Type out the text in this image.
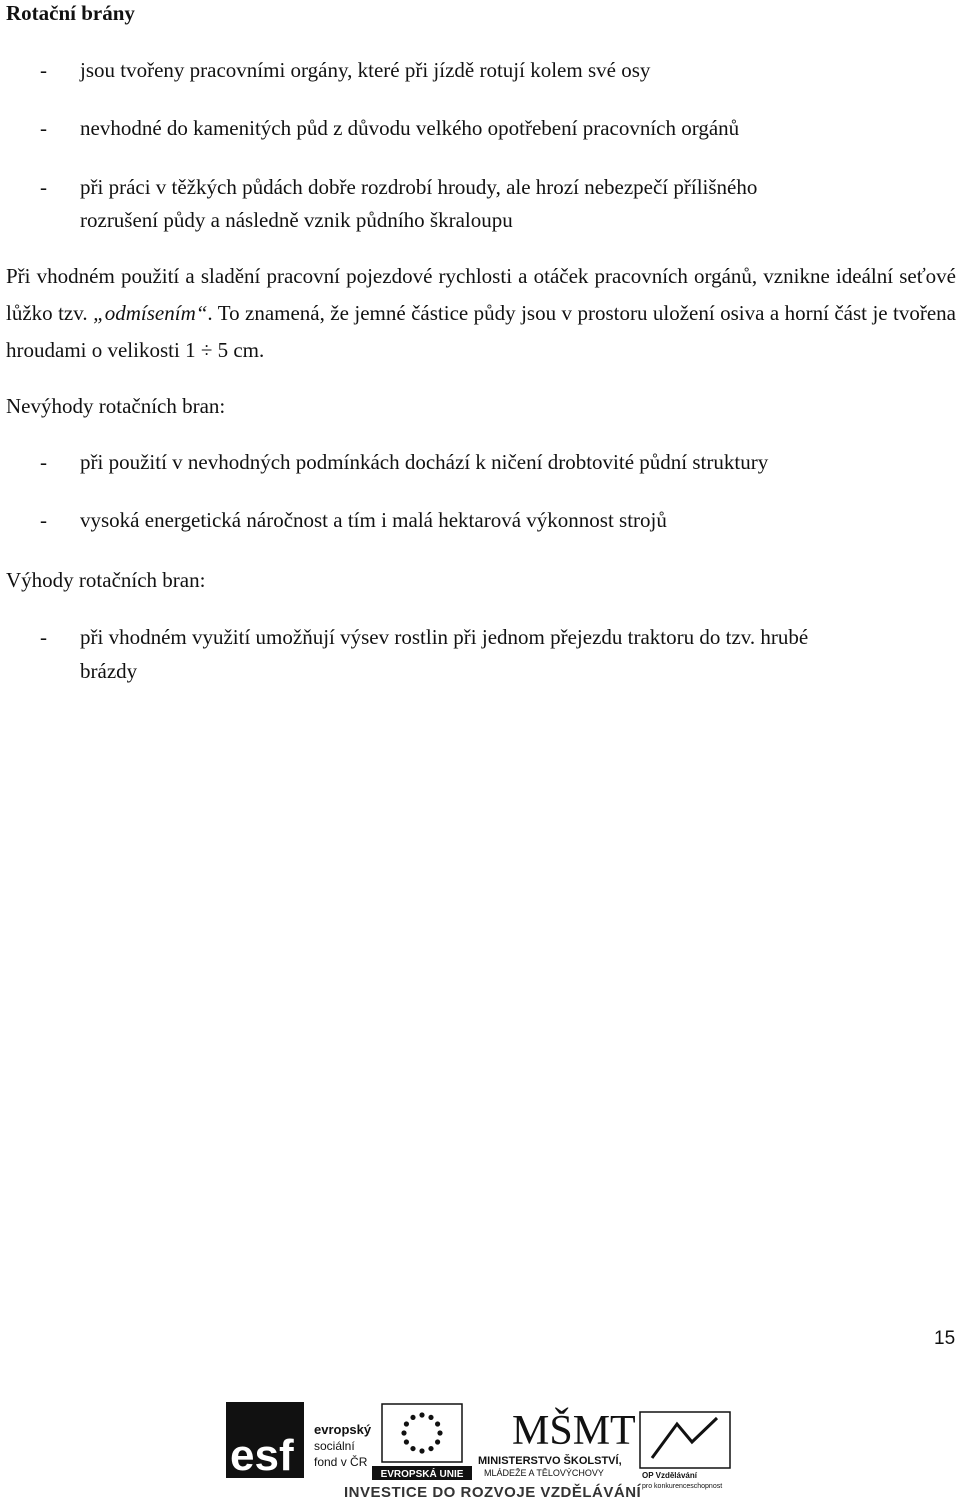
Rotační brány
- jsou tvořeny pracovními orgány, které při jízdě rotují kolem své osy
- nevhodné do kamenitých půd z důvodu velkého opotřebení pracovních orgánů
- při práci v těžkých půdách dobře rozdrobí hroudy, ale hrozí nebezpečí přílišného
rozrušení půdy a následně vznik půdního škraloupu
Při vhodném použití a sladění pracovní pojezdové rychlosti a otáček pracovních orgánů, vznikne ideální seťové lůžko tzv. „odmísením“. To znamená, že jemné částice půdy jsou v prostoru uložení osiva a horní část je tvořena hroudami o velikosti 1 ÷ 5 cm.
Nevýhody rotačních bran:
- při použití v nevhodných podmínkách dochází k ničení drobtovité půdní struktury
- vysoká energetická náročnost a tím i malá hektarová výkonnost strojů
Výhody rotačních bran:
- při vhodném využití umožňují výsev rostlin při jednom přejezdu traktoru do tzv. hrubé
brázdy
15
esf
evropský
sociální
fond v ČR
EVROPSKÁ UNIE
MŠMT
MINISTERSTVO ŠKOLSTVÍ,
MLÁDEŽE A TĚLOVÝCHOVY	OP Vzdělávání
pro konkurenceschopnost
INVESTICE DO ROZVOJE VZDĚLÁVÁNÍ
